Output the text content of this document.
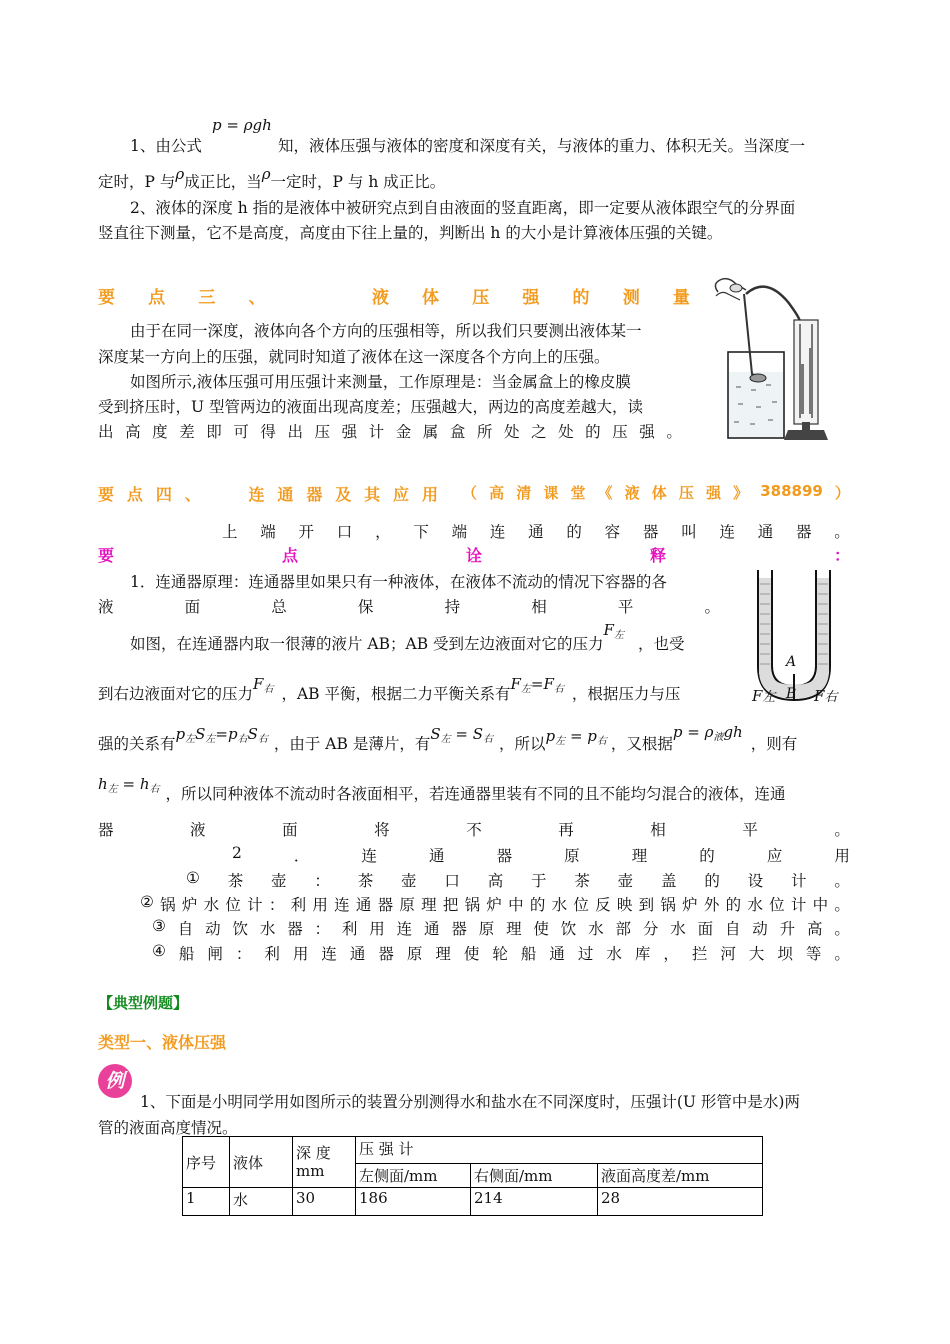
p = ρgh
1、由公式	知，液体压强与液体的密度和深度有关，与液体的重力、体积无关。当深度一
定时，P 与ρ成正比，当ρ一定时，P 与 h 成正比。
2、液体的深度 h 指的是液体中被研究点到自由液面的竖直距离，即一定要从液体跟空气的分界面
竖直往下测量，它不是高度，高度由下往上量的，判断出 h 的大小是计算液体压强的关键。
要 点 三 、	液 体 压 强 的 测 量
由于在同一深度，液体向各个方向的压强相等，所以我们只要测出液体某一
深度某一方向上的压强，就同时知道了液体在这一深度各个方向上的压强。
如图所示,液体压强可用压强计来测量，工作原理是：当金属盒上的橡皮膜
受到挤压时，U 型管两边的液面出现高度差；压强越大，两边的高度差越大，读
出 高 度 差 即 可 得 出 压 强 计 金 属 盒 所 处 之 处 的 压 强 。
要 点 四 、	连 通 器 及 其 应 用 （ 高 清 课 堂 《 液 体 压 强 》 388899 ）
上 端 开 口 ， 下 端 连 通 的 容 器 叫 连 通 器 。
要	点	诠	释	：
1．连通器原理：连通器里如果只有一种液体，在液体不流动的情况下容器的各
液	面	总	保	持	相	平	。
如图，在连通器内取一很薄的液片 AB；AB 受到左边液面对它的压力$F_左$ ，也受
到右边液面对它的压力$F_右$ ，AB 平衡，根据二力平衡关系有$F_左=F_右$ ，根据压力与压
强的关系有$p_左S_左=p_右S_右$ ，由于 AB 是薄片，有$S_左 = S_右$ ，所以$p_左 = p_右$ ，又根据$p = \rho_液gh$，则有
$h_左 = h_右$ ，所以同种液体不流动时各液面相平，若连通器里装有不同的且不能均匀混合的液体，连通
器	液	面	将	不	再	相	平	。
2	．	连	通	器	原	理	的	应	用
① 茶 壶 ： 茶 壶 口 高 于 茶 壶 盖 的 设 计 。
② 锅 炉 水 位 计 ： 利 用 连 通 器 原 理 把 锅 炉 中 的 水 位 反 映 到 锅 炉 外 的 水 位 计 中 。
③ 自 动 饮 水 器 ： 利 用 连 通 器 原 理 使 饮 水 部 分 水 面 自 动 升 高 。
④ 船 闸 ： 利 用 连 通 器 原 理 使 轮 船 通 过 水 库 ， 拦 河 大 坝 等 。
A
B
F左	F右
【典型例题】
类型一、液体压强
例
1、下面是小明同学用如图所示的装置分别测得水和盐水在不同深度时，压强计(U 形管中是水)两
管的液面高度情况。
序号	液体	深 度
mm	压 强 计		
			左侧面/mm	右侧面/mm	液面高度差/mm
1	水	30	186	214	28
